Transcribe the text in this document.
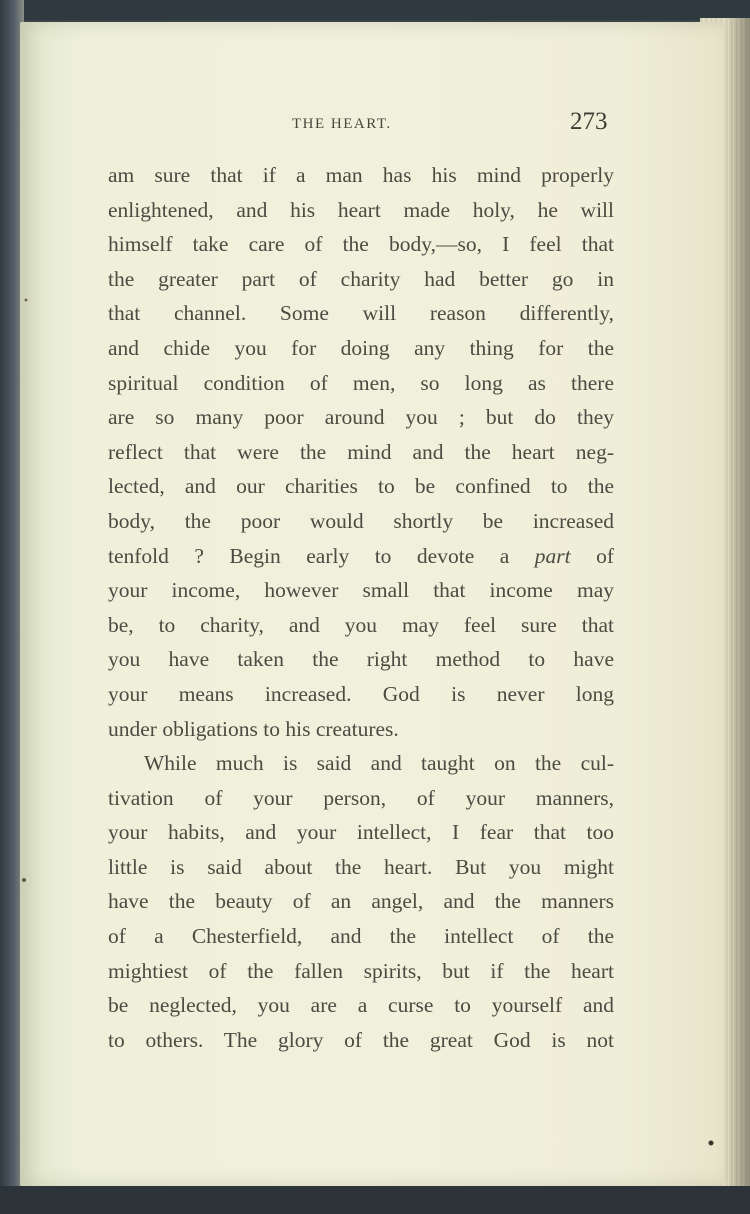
THE HEART.	273
am sure that if a man has his mind properly
enlightened, and his heart made holy, he will
himself take care of the body,—so, I feel that
the greater part of charity had better go in
that channel. Some will reason differently,
and chide you for doing any thing for the
spiritual condition of men, so long as there
are so many poor around you ; but do they
reflect that were the mind and the heart neg-
lected, and our charities to be confined to the
body, the poor would shortly be increased
tenfold ? Begin early to devote a part of
your income, however small that income may
be, to charity, and you may feel sure that
you have taken the right method to have
your means increased. God is never long
under obligations to his creatures.
While much is said and taught on the cul-
tivation of your person, of your manners,
your habits, and your intellect, I fear that too
little is said about the heart. But you might
have the beauty of an angel, and the manners
of a Chesterfield, and the intellect of the
mightiest of the fallen spirits, but if the heart
be neglected, you are a curse to yourself and
to others. The glory of the great God is not
